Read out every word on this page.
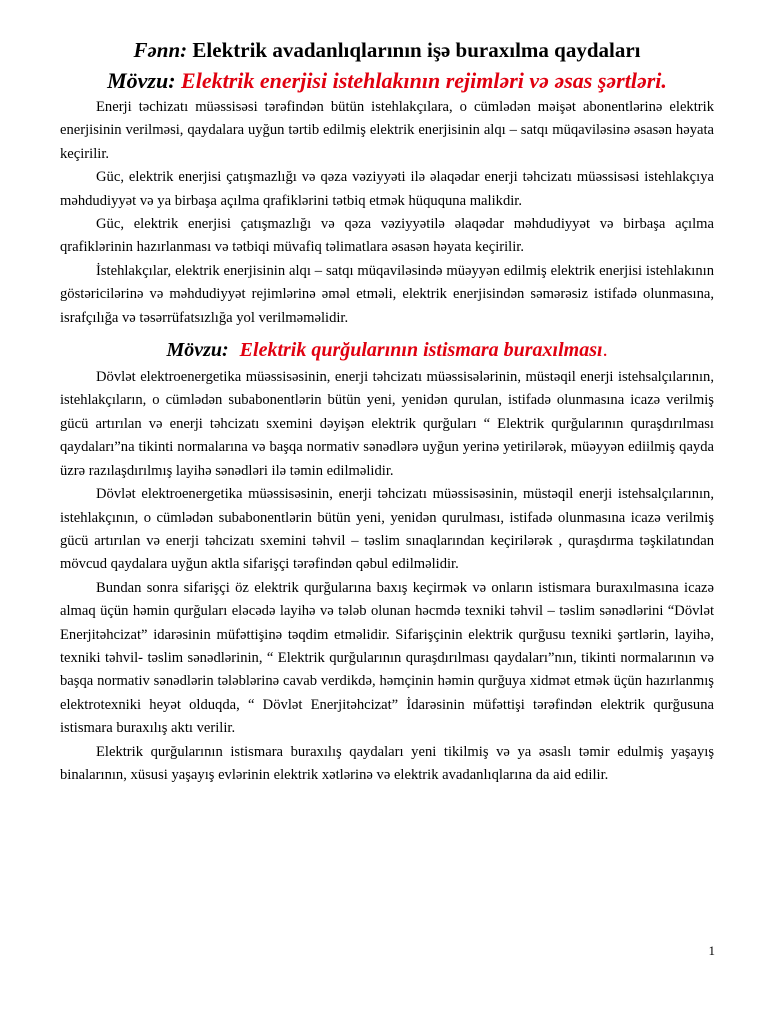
Fənn: Elektrik avadanlıqlarının işə buraxılma qaydaları
Mövzu: Elektrik enerjisi istehlakının rejimləri və əsas şərtləri.

Enerji təchizatı müəssisəsi tərəfindən bütün istehlakçılara, o cümlədən məişət abonentlərinə elektrik enerjisinin verilməsi, qaydalara uyğun tərtib edilmiş elektrik enerjisinin alqı – satqı müqaviləsinə əsasən həyata keçirilir.

Güc, elektrik enerjisi çatışmazlığı və qəza vəziyyəti ilə əlaqədar enerji təhcizatı müəssisəsi istehlakçıya məhdudiyyət və ya birbaşa açılma qrafiklərini tətbiq etmək hüququna malikdir.

Güc, elektrik enerjisi çatışmazlığı və qəza vəziyyətilə əlaqədar məhdudiyyət və birbaşa açılma qrafiklərinin hazırlanması və tətbiqi müvafiq təlimatlara əsasən həyata keçirilir.

İstehlakçılar, elektrik enerjisinin alqı – satqı müqaviləsində müəyyən edilmiş elektrik enerjisi istehlakının göstəricilərinə və məhdudiyyət rejimlərinə əməl etməli, elektrik enerjisindən səmərəsiz istifadə olunmasına, israfçılığa və təsərrüfatsızlığa yol verilməməlidir.

Mövzu: Elektrik qurğularının istismara buraxılması.

Dövlət elektroenergetika müəssisəsinin, enerji təhcizatı müəssisələrinin, müstəqil enerji istehsalçılarının, istehlakçıların, o cümlədən subabonentlərin bütün yeni, yenidən qurulan, istifadə olunmasına icazə verilmiş gücü artırılan və enerji təhcizatı sxemini dəyişən elektrik qurğuları “ Elektrik qurğularının quraşdırılması qaydaları”na tikinti normalarına və başqa normativ sənədlərə uyğun yerinə yetirilərək, müəyyən ediilmiş qayda üzrə razılaşdırılmış layihə sənədləri ilə təmin edilməlidir.

Dövlət elektroenergetika müəssisəsinin, enerji təhcizatı müəssisəsinin, müstəqil enerji istehsalçılarının, istehlakçının, o cümlədən subabonentlərin bütün yeni, yenidən qurulması, istifadə olunmasına icazə verilmiş gücü artırılan və enerji təhcizatı sxemini təhvil – təslim sınaqlarından keçirilərək , quraşdırma təşkilatından mövcud qaydalara uyğun aktla sifarişçi tərəfindən qəbul edilməlidir.

Bundan sonra sifarişçi öz elektrik qurğularına baxış keçirmək və onların istismara buraxılmasına icazə almaq üçün həmin qurğuları eləcədə layihə və tələb olunan həcmdə texniki təhvil – təslim sənədlərini “Dövlət Enerjitəhcizat” idarəsinin müfəttişinə təqdim etməlidir. Sifarişçinin elektrik qurğusu texniki şərtlərin, layihə, texniki təhvil- təslim sənədlərinin, “ Elektrik qurğularının quraşdırılması qaydaları”nın, tikinti normalarının və başqa normativ sənədlərin tələblərinə cavab verdikdə, həmçinin həmin qurğuya xidmət etmək üçün hazırlanmış elektrotexniki heyət olduqda, “ Dövlət Enerjitəhcizat” İdarəsinin müfəttişi tərəfindən elektrik qurğusuna istismara buraxılış aktı verilir.

Elektrik qurğularının istismara buraxılış qaydaları yeni tikilmiş və ya əsaslı təmir edulmiş yaşayış binalarının, xüsusi yaşayış evlərinin elektrik xətlərinə və elektrik avadanlıqlarına da aid edilir.

1
